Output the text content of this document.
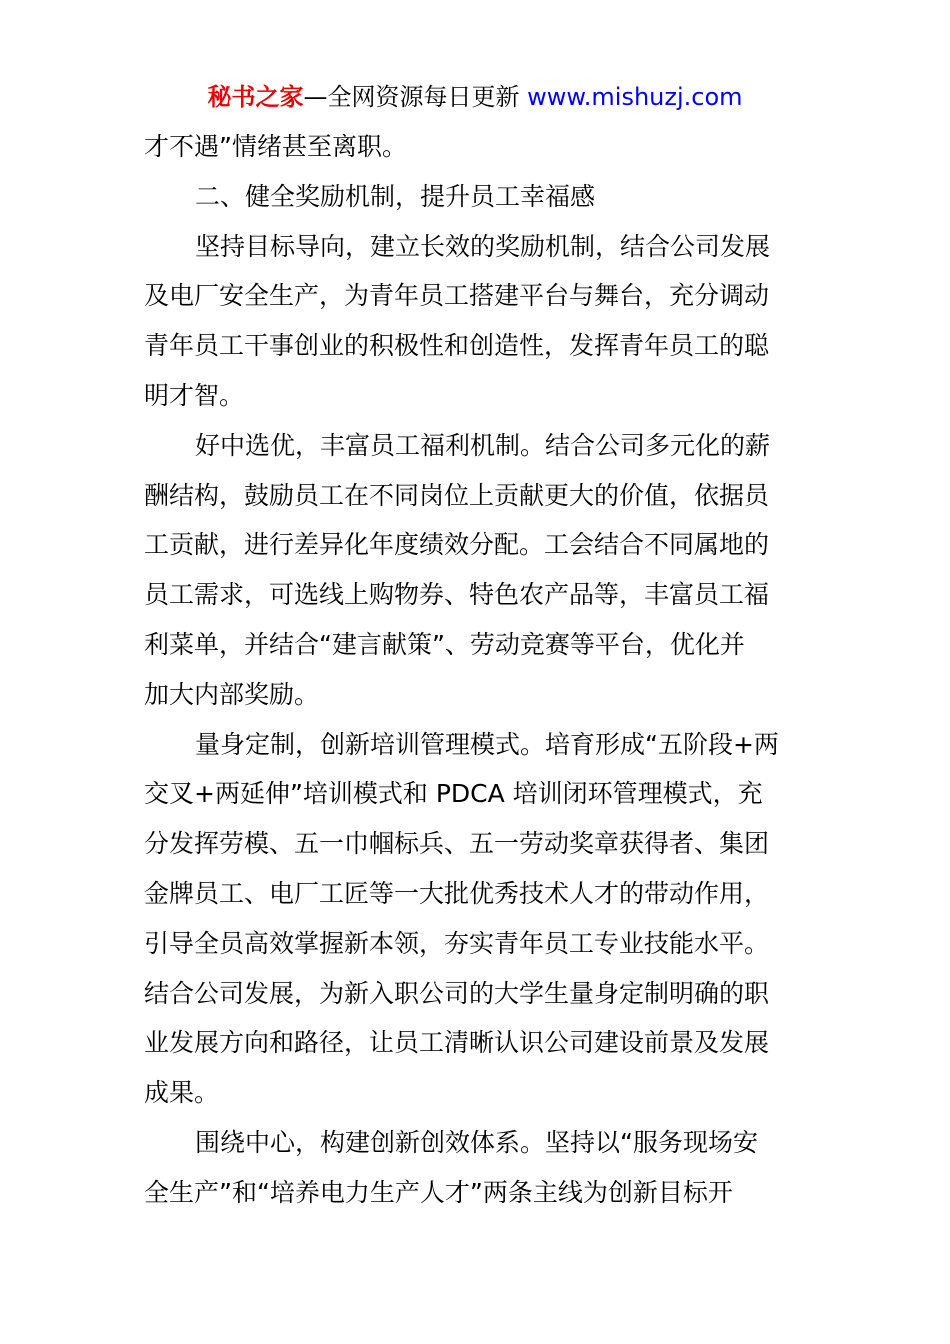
秘书之家—全网资源每日更新 www.mishuzj.com
才不遇”情绪甚至离职。
二、健全奖励机制，提升员工幸福感
坚持目标导向，建立长效的奖励机制，结合公司发展
及电厂安全生产，为青年员工搭建平台与舞台，充分调动
青年员工干事创业的积极性和创造性，发挥青年员工的聪
明才智。
好中选优，丰富员工福利机制。结合公司多元化的薪
酬结构，鼓励员工在不同岗位上贡献更大的价值，依据员
工贡献，进行差异化年度绩效分配。工会结合不同属地的
员工需求，可选线上购物券、特色农产品等，丰富员工福
利菜单，并结合“建言献策”、劳动竞赛等平台，优化并
加大内部奖励。
量身定制，创新培训管理模式。培育形成“五阶段+两
交叉+两延伸”培训模式和 PDCA 培训闭环管理模式，充
分发挥劳模、五一巾帼标兵、五一劳动奖章获得者、集团
金牌员工、电厂工匠等一大批优秀技术人才的带动作用，
引导全员高效掌握新本领，夯实青年员工专业技能水平。
结合公司发展，为新入职公司的大学生量身定制明确的职
业发展方向和路径，让员工清晰认识公司建设前景及发展
成果。
围绕中心，构建创新创效体系。坚持以“服务现场安
全生产”和“培养电力生产人才”两条主线为创新目标开
